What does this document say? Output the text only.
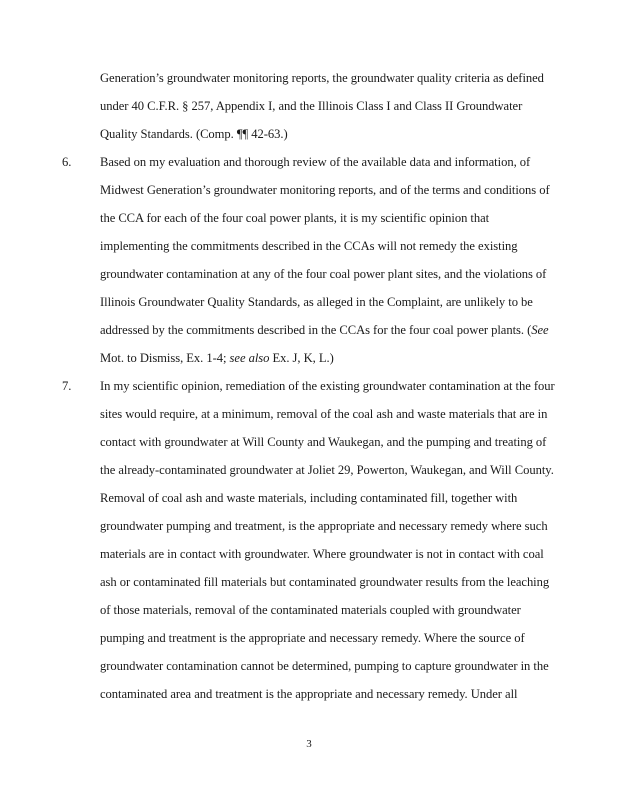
Generation’s groundwater monitoring reports, the groundwater quality criteria as defined
under 40 C.F.R. § 257, Appendix I, and the Illinois Class I and Class II Groundwater
Quality Standards. (Comp. ¶¶ 42-63.)
6. Based on my evaluation and thorough review of the available data and information, of
Midwest Generation’s groundwater monitoring reports, and of the terms and conditions of
the CCA for each of the four coal power plants, it is my scientific opinion that
implementing the commitments described in the CCAs will not remedy the existing
groundwater contamination at any of the four coal power plant sites, and the violations of
Illinois Groundwater Quality Standards, as alleged in the Complaint, are unlikely to be
addressed by the commitments described in the CCAs for the four coal power plants. (See
Mot. to Dismiss, Ex. 1-4; see also Ex. J, K, L.)
7. In my scientific opinion, remediation of the existing groundwater contamination at the four
sites would require, at a minimum, removal of the coal ash and waste materials that are in
contact with groundwater at Will County and Waukegan, and the pumping and treating of
the already-contaminated groundwater at Joliet 29, Powerton, Waukegan, and Will County.
Removal of coal ash and waste materials, including contaminated fill, together with
groundwater pumping and treatment, is the appropriate and necessary remedy where such
materials are in contact with groundwater. Where groundwater is not in contact with coal
ash or contaminated fill materials but contaminated groundwater results from the leaching
of those materials, removal of the contaminated materials coupled with groundwater
pumping and treatment is the appropriate and necessary remedy. Where the source of
groundwater contamination cannot be determined, pumping to capture groundwater in the
contaminated area and treatment is the appropriate and necessary remedy. Under all
3
